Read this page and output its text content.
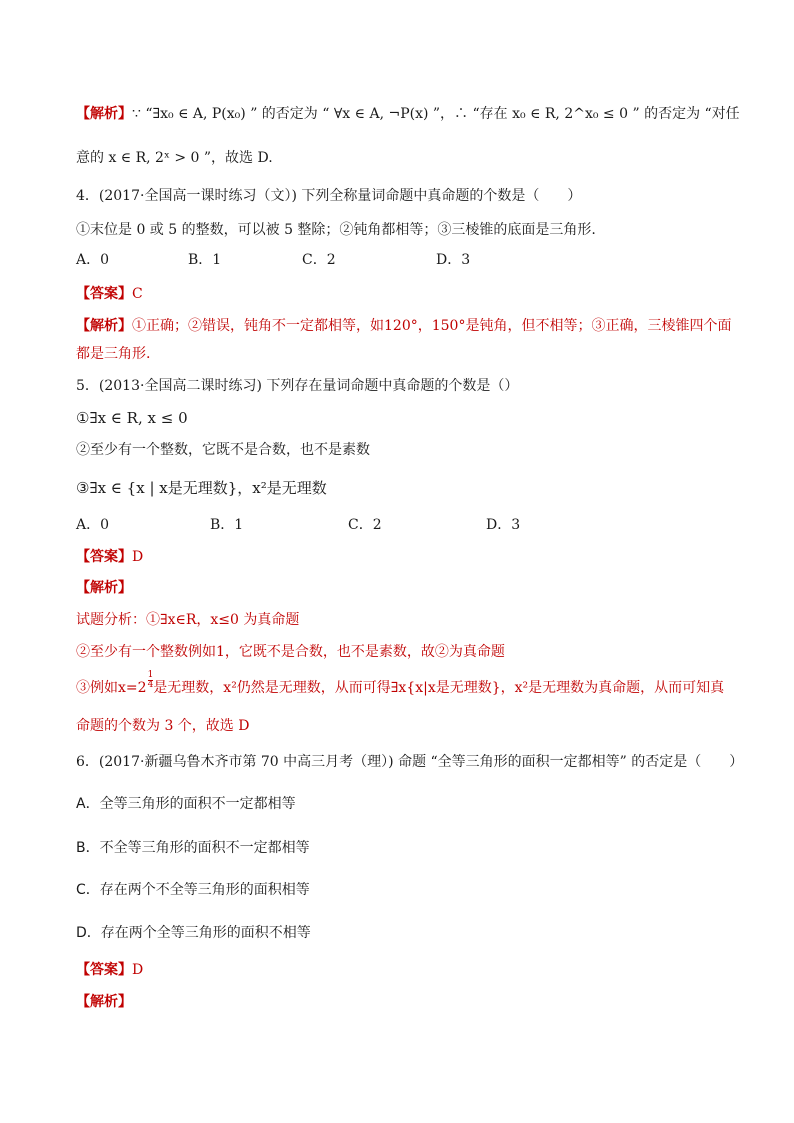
【解析】∵ “∃x₀ ∈ A, P(x₀) ” 的否定为 “ ∀x ∈ A, ¬P(x) ”，∴ “存在 x₀ ∈ R, 2^x₀ ≤ 0 ” 的否定为 “对任
意的 x ∈ R, 2ˣ > 0 ”，故选 D.
4．(2017·全国高一课时练习（文）) 下列全称量词命题中真命题的个数是（　　）
①末位是 0 或 5 的整数，可以被 5 整除；②钝角都相等；③三棱锥的底面是三角形.
A．0	B．1	C．2	D．3
【答案】C
【解析】①正确；②错误，钝角不一定都相等，如120°，150°是钝角，但不相等；③正确，三棱锥四个面
都是三角形.
5．(2013·全国高二课时练习) 下列存在量词命题中真命题的个数是（）
①∃x ∈ R, x ≤ 0
②至少有一个整数，它既不是合数，也不是素数
③∃x ∈ {x | x是无理数}，x²是无理数
A．0	B．1	C．2	D．3
【答案】D
【解析】
试题分析：①∃x∈R，x≤0 为真命题
②至少有一个整数例如1，它既不是合数，也不是素数，故②为真命题
③例如$x=2 \frac{1}{4}$ 是无理数，x²仍然是无理数，从而可得∃x{x|x是无理数}，x²是无理数为真命题，从而可知真
命题的个数为 3 个，故选 D
6．(2017·新疆乌鲁木齐市第 70 中高三月考（理）) 命题 “全等三角形的面积一定都相等” 的否定是（　　）
A．全等三角形的面积不一定都相等
B．不全等三角形的面积不一定都相等
C．存在两个不全等三角形的面积相等
D．存在两个全等三角形的面积不相等
【答案】D
【解析】
